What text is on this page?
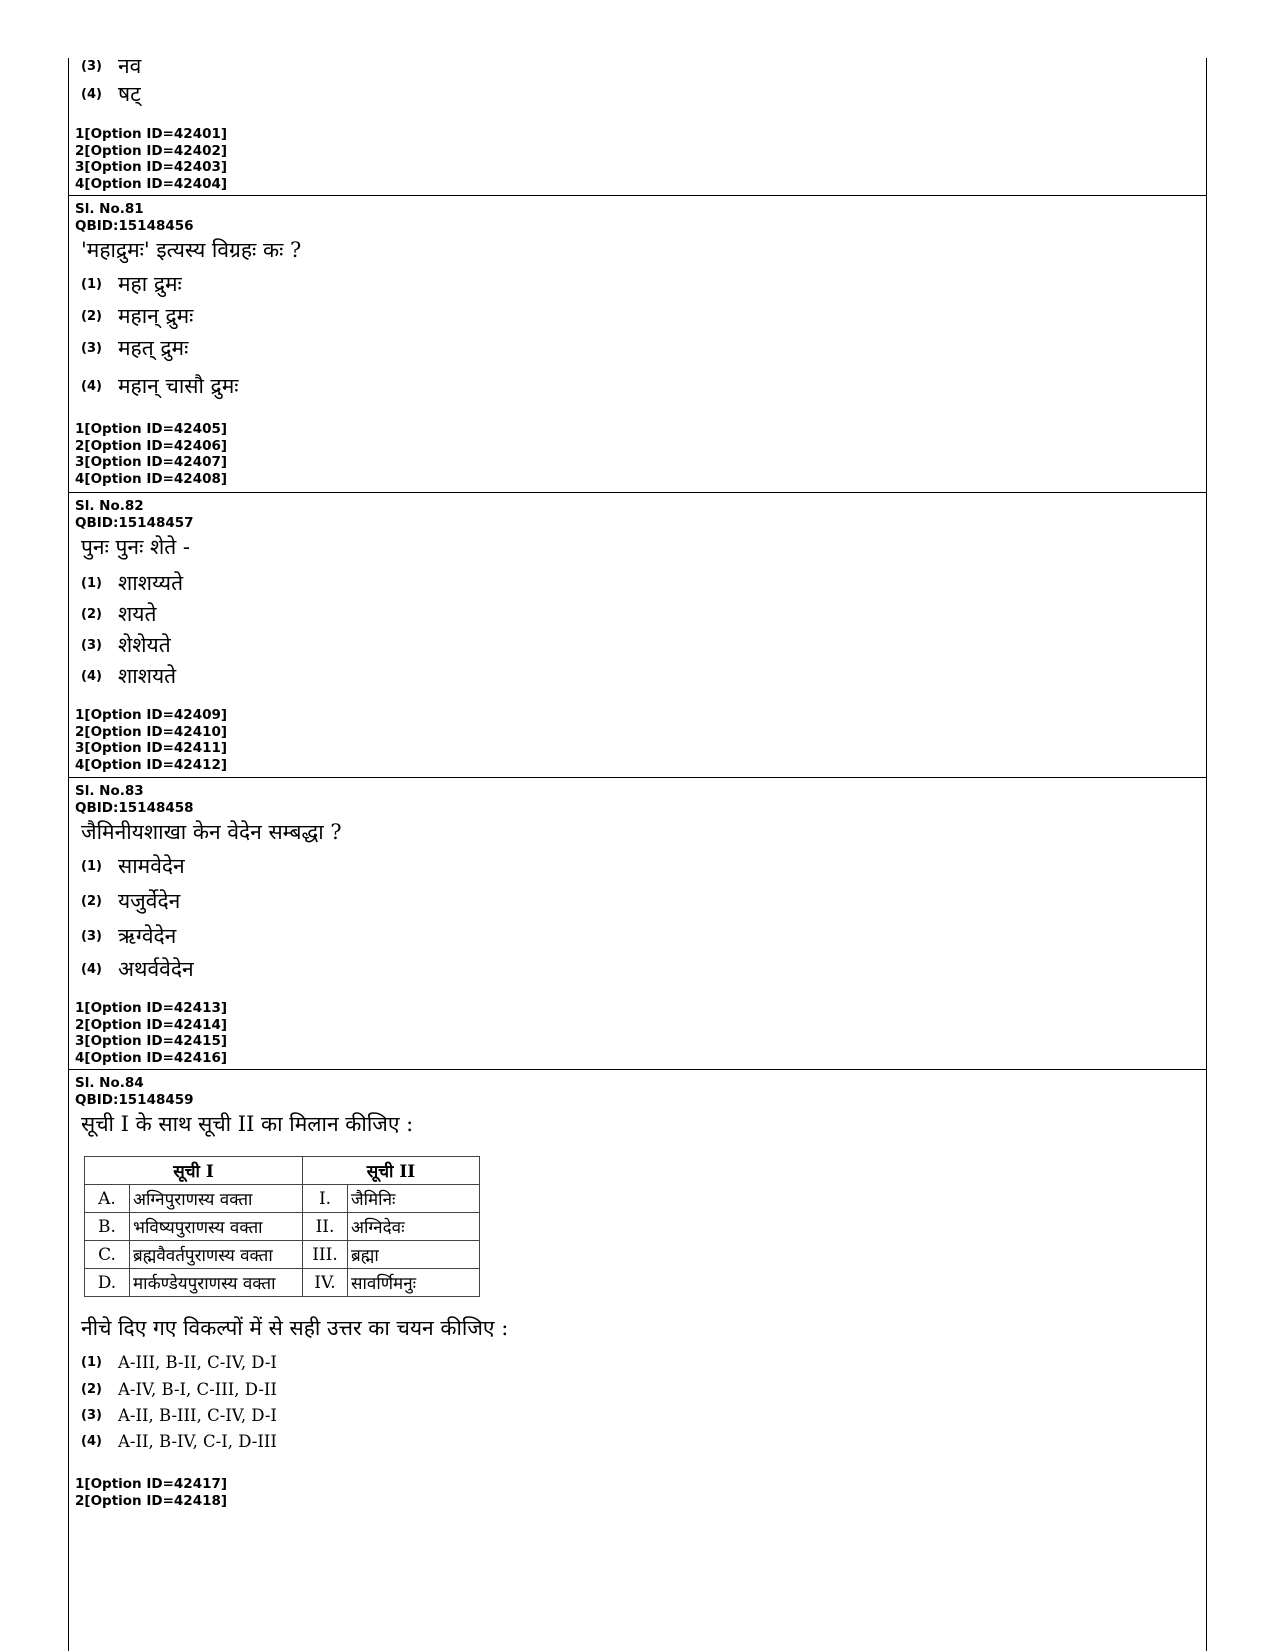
(3) नव
(4) षट्
1[Option ID=42401]
2[Option ID=42402]
3[Option ID=42403]
4[Option ID=42404]
Sl. No.81
QBID:15148456
'महाद्रुमः' इत्यस्य विग्रहः कः ?
(1) महा द्रुमः
(2) महान् द्रुमः
(3) महत् द्रुमः
(4) महान् चासौ द्रुमः
1[Option ID=42405]
2[Option ID=42406]
3[Option ID=42407]
4[Option ID=42408]
Sl. No.82
QBID:15148457
पुनः पुनः शेते -
(1) शाशय्यते
(2) शयते
(3) शेशेयते
(4) शाशयते
1[Option ID=42409]
2[Option ID=42410]
3[Option ID=42411]
4[Option ID=42412]
Sl. No.83
QBID:15148458
जैमिनीयशाखा केन वेदेन सम्बद्धा ?
(1) सामवेदेन
(2) यजुर्वेदेन
(3) ऋग्वेदेन
(4) अथर्ववेदेन
1[Option ID=42413]
2[Option ID=42414]
3[Option ID=42415]
4[Option ID=42416]
Sl. No.84
QBID:15148459
सूची I के साथ सूची II का मिलान कीजिए :
सूची I		सूची II	
A.	अग्निपुराणस्य वक्ता	I.	जैमिनिः
B.	भविष्यपुराणस्य वक्ता	II.	अग्निदेवः
C.	ब्रह्मवैवर्तपुराणस्य वक्ता	III.	ब्रह्मा
D.	मार्कण्डेयपुराणस्य वक्ता	IV.	सावर्णिमनुः
नीचे दिए गए विकल्पों में से सही उत्तर का चयन कीजिए :
(1) A-III, B-II, C-IV, D-I
(2) A-IV, B-I, C-III, D-II
(3) A-II, B-III, C-IV, D-I
(4) A-II, B-IV, C-I, D-III
1[Option ID=42417]
2[Option ID=42418]
